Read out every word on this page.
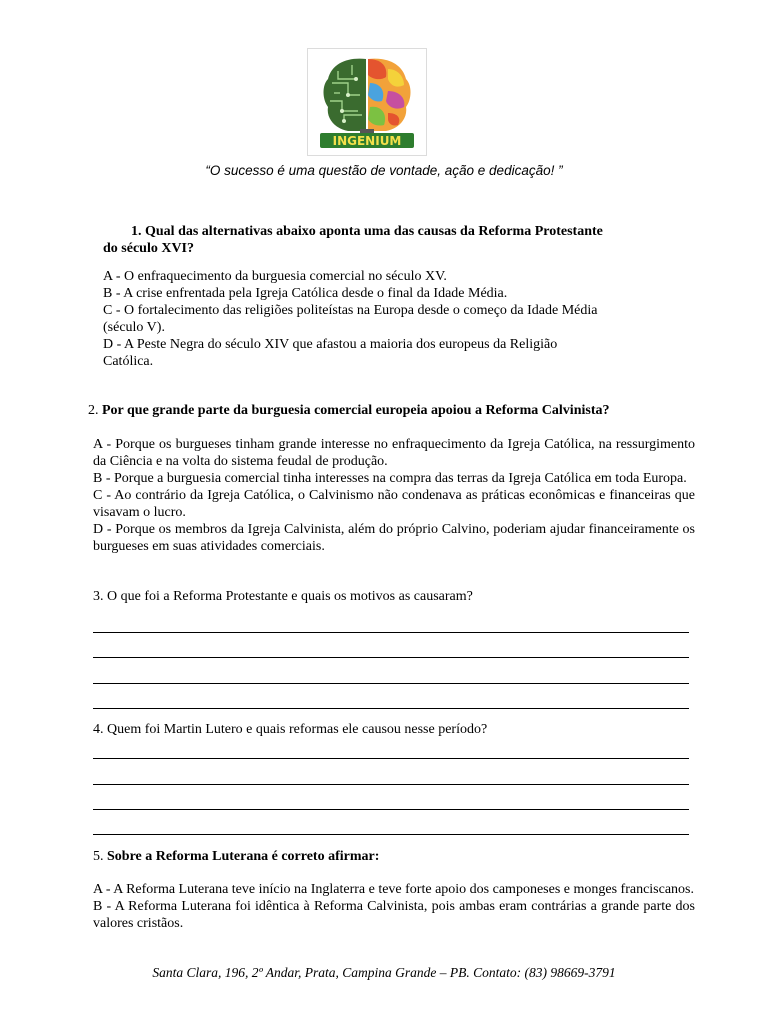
INGENIUM
“O sucesso é uma questão de vontade, ação e dedicação! ”

1. Qual das alternativas abaixo aponta uma das causas da Reforma Protestante do século XVI?

A - O enfraquecimento da burguesia comercial no século XV.

B - A crise enfrentada pela Igreja Católica desde o final da Idade Média.

C - O fortalecimento das religiões politeístas na Europa desde o começo da Idade Média (século V).

D - A Peste Negra do século XIV que afastou a maioria dos europeus da Religião Católica.

2. Por que grande parte da burguesia comercial europeia apoiou a Reforma Calvinista?

A - Porque os burgueses tinham grande interesse no enfraquecimento da Igreja Católica, na ressurgimento da Ciência e na volta do sistema feudal de produção.

B - Porque a burguesia comercial tinha interesses na compra das terras da Igreja Católica em toda Europa.

C - Ao contrário da Igreja Católica, o Calvinismo não condenava as práticas econômicas e financeiras que visavam o lucro.

D - Porque os membros da Igreja Calvinista, além do próprio Calvino, poderiam ajudar financeiramente os burgueses em suas atividades comerciais.

3. O que foi a Reforma Protestante e quais os motivos as causaram?
4. Quem foi Martin Lutero e quais reformas ele causou nesse período?
5. Sobre a Reforma Luterana é correto afirmar:

A - A Reforma Luterana teve início na Inglaterra e teve forte apoio dos camponeses e monges franciscanos.

B - A Reforma Luterana foi idêntica à Reforma Calvinista, pois ambas eram contrárias a grande parte dos valores cristãos.

Santa Clara, 196, 2º Andar, Prata, Campina Grande – PB. Contato: (83) 98669-3791
